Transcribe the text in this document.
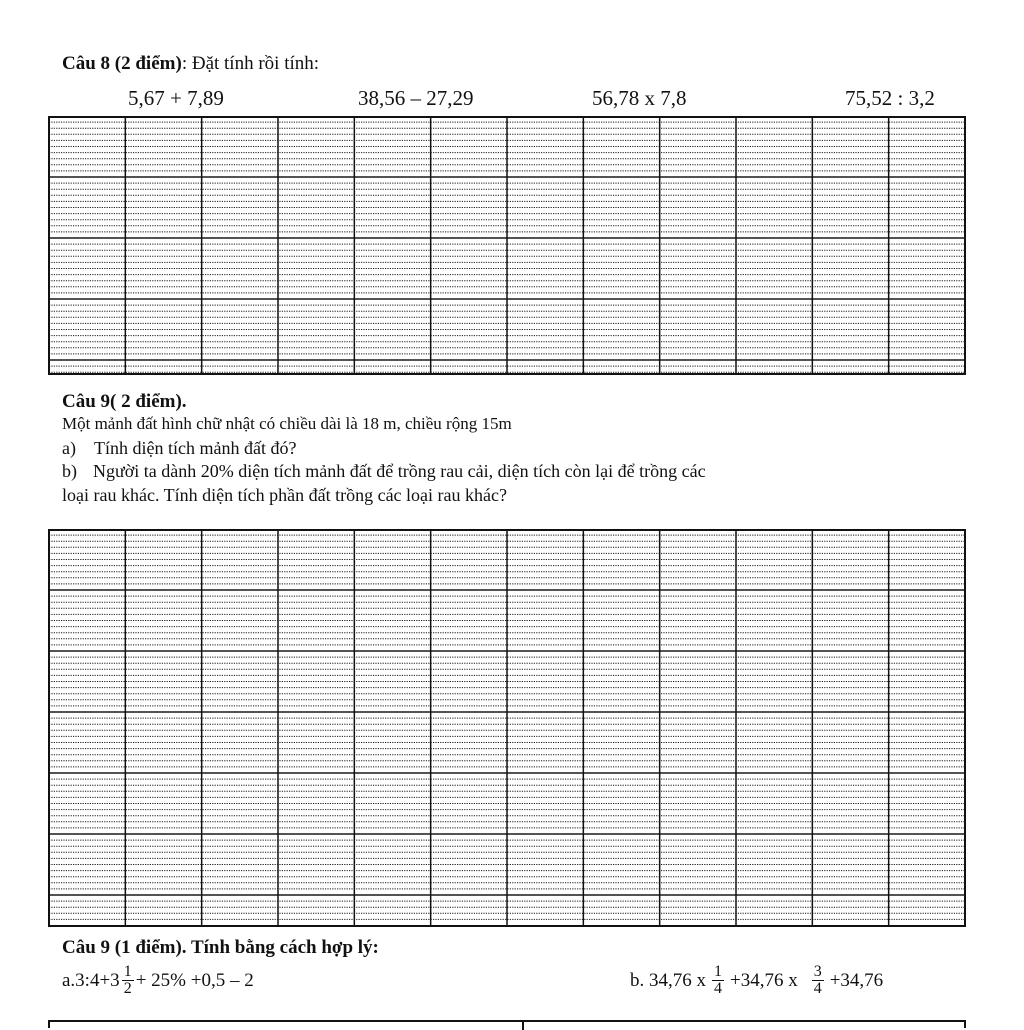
Câu 8 (2 điểm): Đặt tính rồi tính:
5,67 + 7,89	38,56 – 27,29	56,78 x 7,8	75,52 : 3,2
Câu 9( 2 điểm).
Một mảnh đất hình chữ nhật có chiều dài là 18 m, chiều rộng 15m
a) Tính diện tích mảnh đất đó?
b) Người ta dành 20% diện tích mảnh đất để trồng rau cải, diện tích còn lại để trồng các
loại rau khác. Tính diện tích phần đất trồng các loại rau khác?
Câu 9 (1 điểm). Tính bằng cách hợp lý:
a.3:4+3 $\frac{1}{2} + 25\% +0,5 - 2$	b. 34,76 x $\frac{1}{4} +34,76$ x $\frac{3}{4} +34,76$
